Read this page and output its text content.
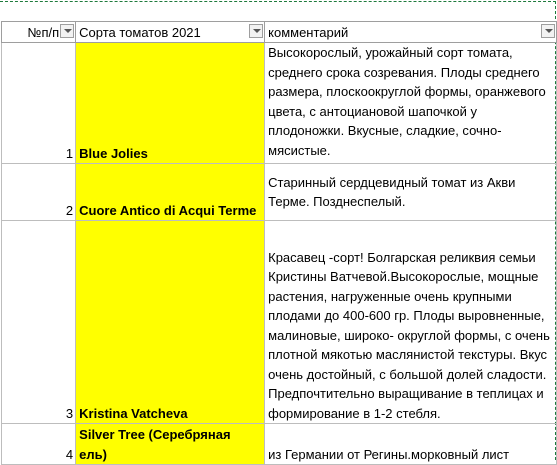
№п/п	Сорта томатов 2021	комментарий

1	Blue Jolies	Высокорослый, урожайный сорт томата, среднего срока созревания. Плоды среднего размера, плоскоокруглой формы, оранжевого цвета, с антоциановой шапочкой у плодоножки. Вкусные, сладкие, сочно-мясистые.
2	Cuore Antico di Acqui Terme	Старинный сердцевидный томат из Акви Терме. Позднеспелый.
3	Kristina Vatcheva	Красавец -сорт! Болгарская реликвия семьи Кристины Ватчевой.Высокорослые, мощные растения, нагруженные очень крупными плодами до 400-600 гр. Плоды выровненные, малиновые, широко- округлой формы, с очень плотной мякотью маслянистой текстуры. Вкус очень достойный, с большой долей сладости. Предпочтительно выращивание в теплицах и формирование в 1-2 стебля.
4	Silver Tree (Серебряная ель)	из Германии от Регины.морковный лист
